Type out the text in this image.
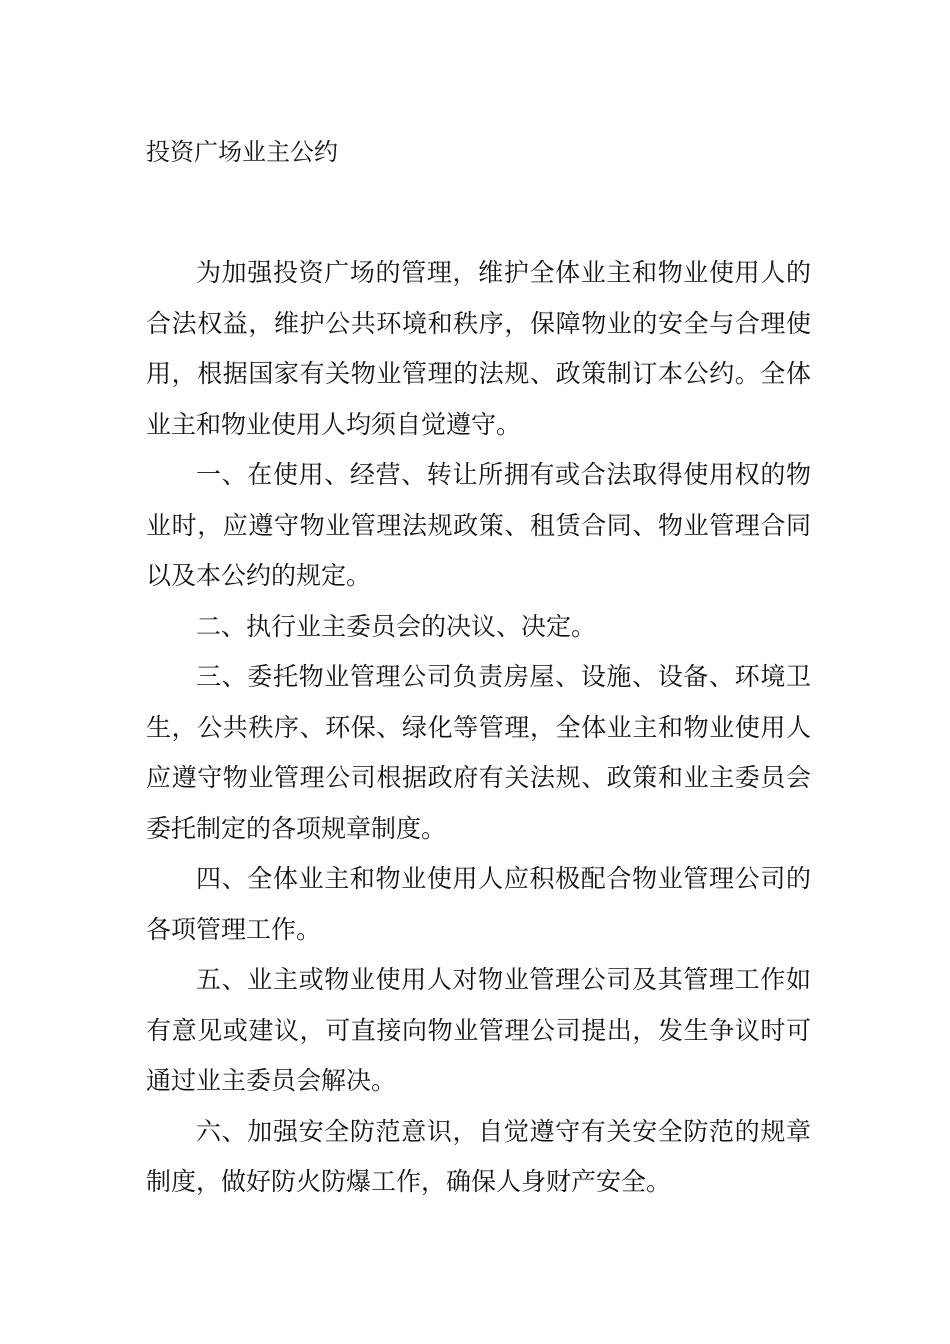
投资广场业主公约

为加强投资广场的管理，维护全体业主和物业使用人的合法权益，维护公共环境和秩序，保障物业的安全与合理使用，根据国家有关物业管理的法规、政策制订本公约。全体业主和物业使用人均须自觉遵守。

一、在使用、经营、转让所拥有或合法取得使用权的物业时，应遵守物业管理法规政策、租赁合同、物业管理合同以及本公约的规定。

二、执行业主委员会的决议、决定。

三、委托物业管理公司负责房屋、设施、设备、环境卫生，公共秩序、环保、绿化等管理，全体业主和物业使用人应遵守物业管理公司根据政府有关法规、政策和业主委员会委托制定的各项规章制度。

四、全体业主和物业使用人应积极配合物业管理公司的各项管理工作。

五、业主或物业使用人对物业管理公司及其管理工作如有意见或建议，可直接向物业管理公司提出，发生争议时可通过业主委员会解决。

六、加强安全防范意识，自觉遵守有关安全防范的规章制度，做好防火防爆工作，确保人身财产安全。
